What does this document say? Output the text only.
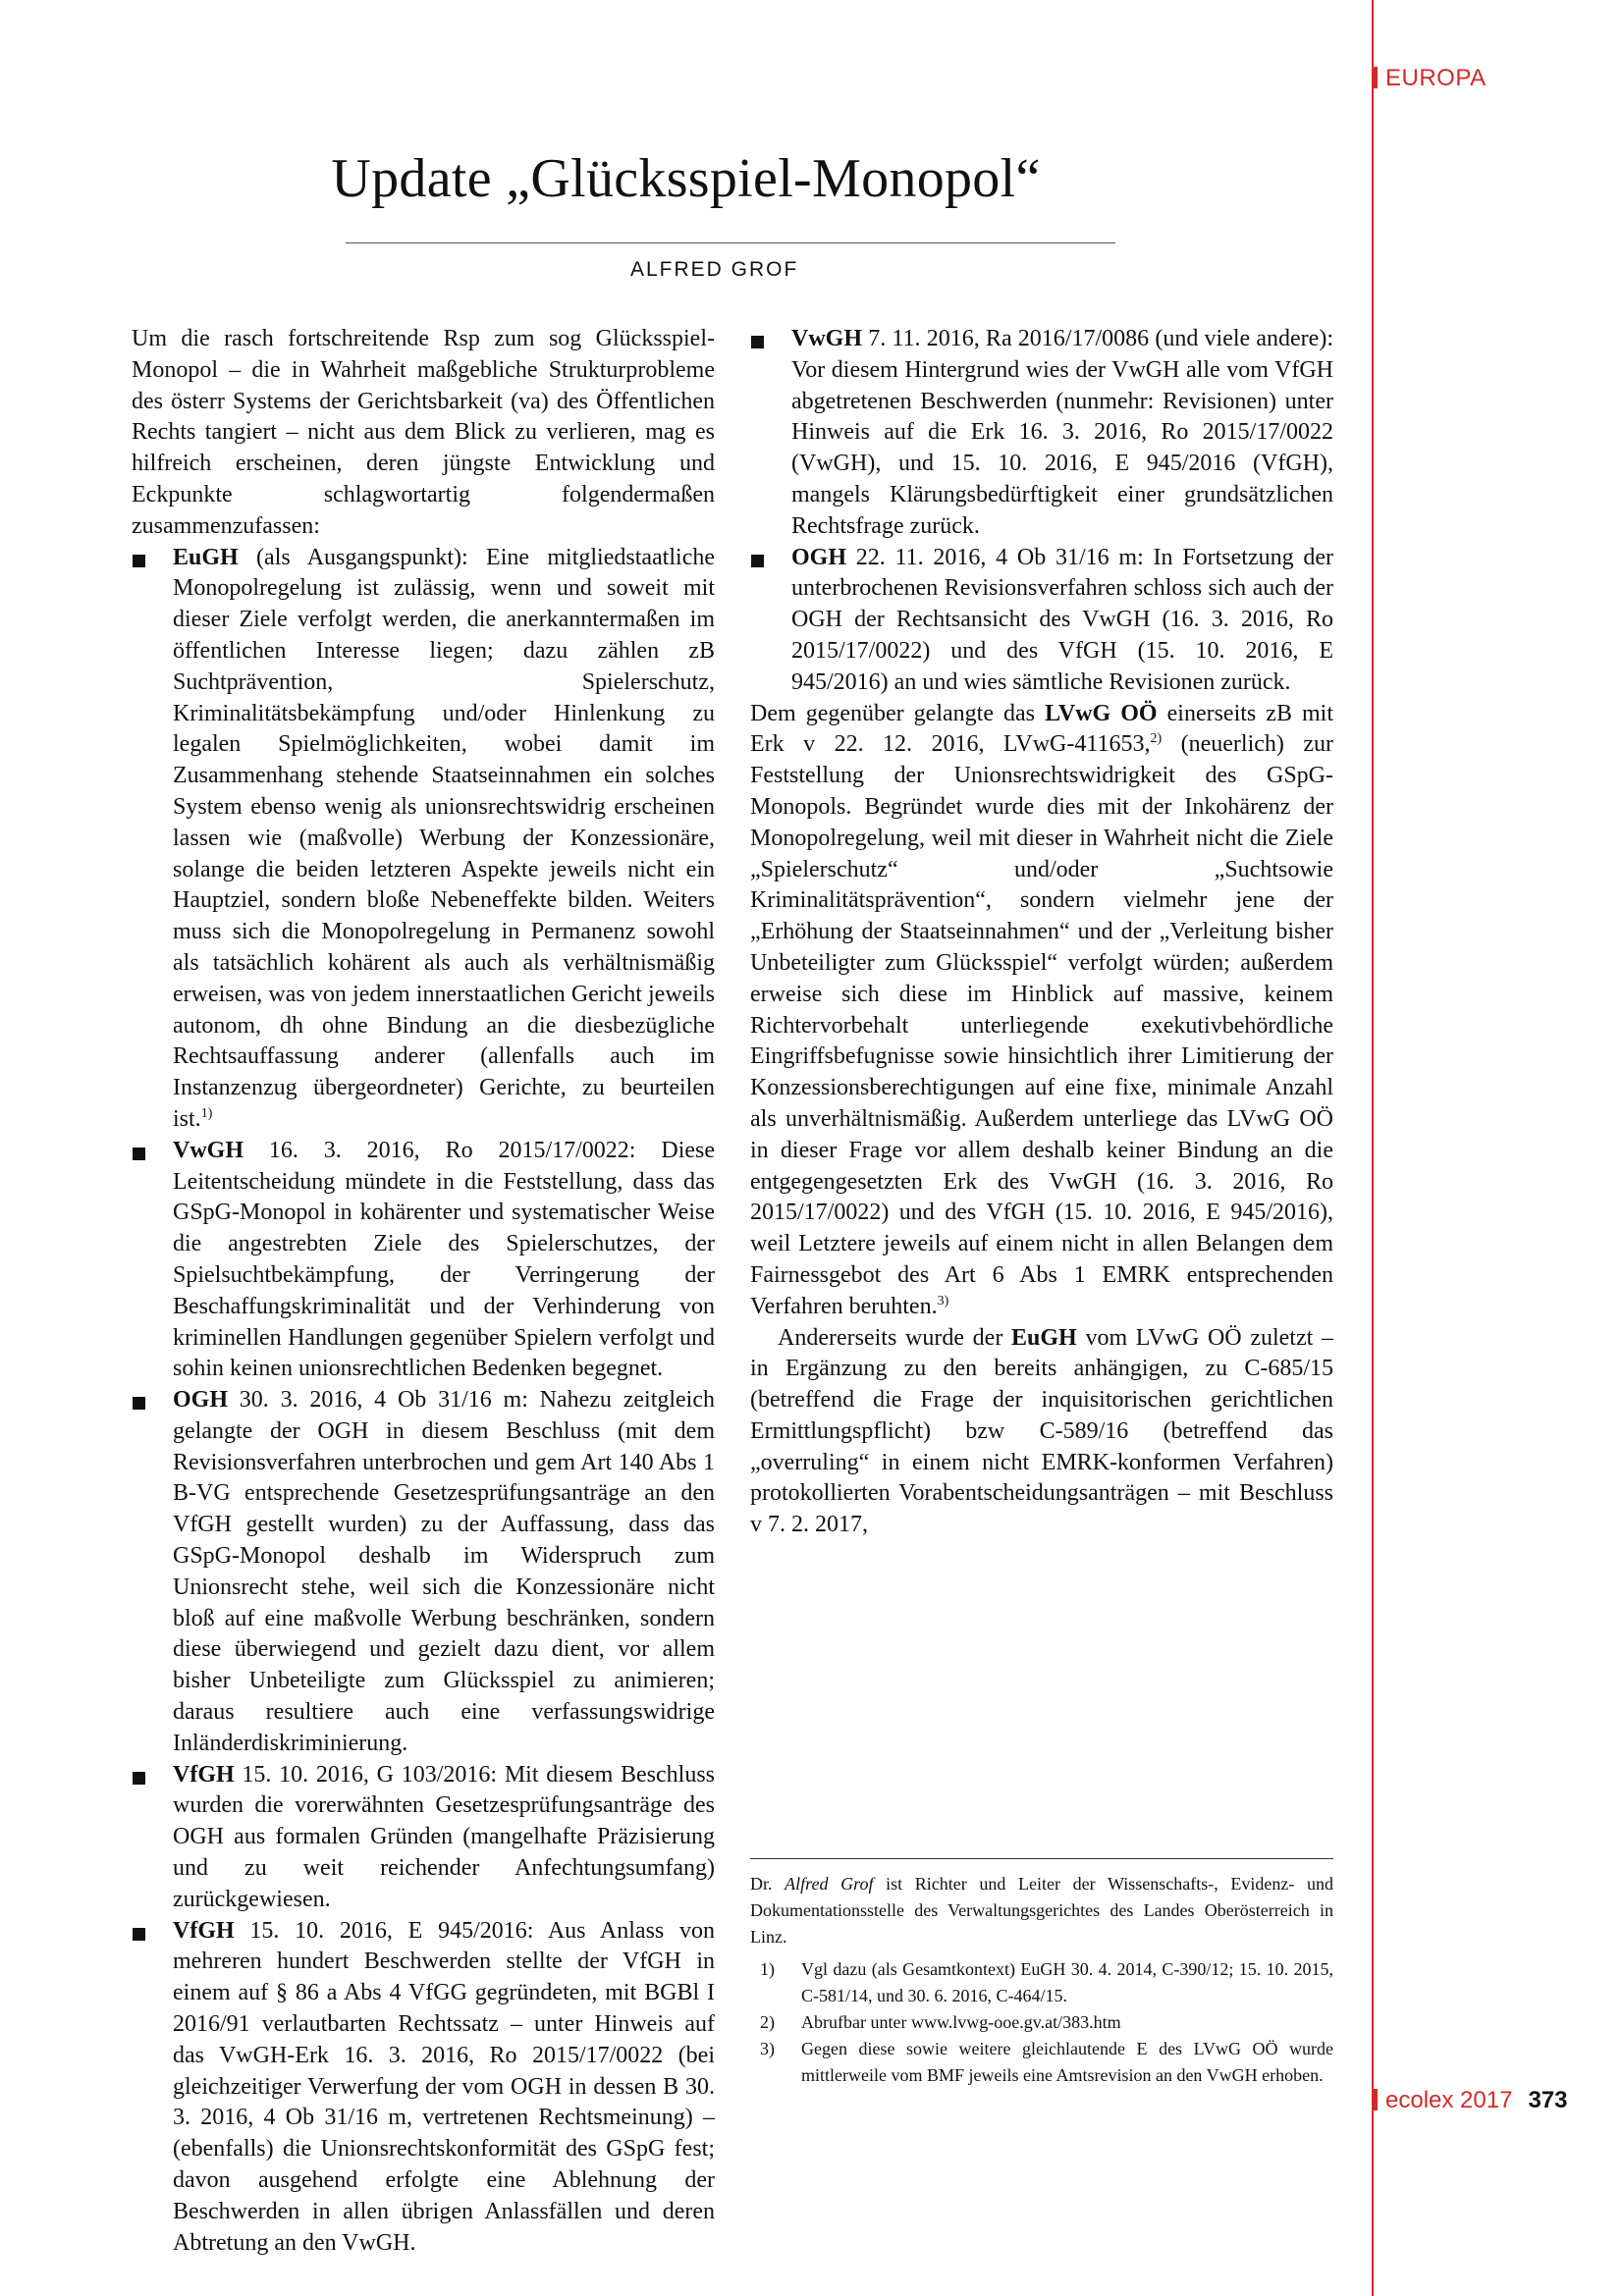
EUROPA
Update „Glücksspiel-Monopol“
ALFRED GROF

Um die rasch fortschreitende Rsp zum sog Glücksspiel-Monopol – die in Wahrheit maßgebliche Strukturprobleme des österr Systems der Gerichtsbarkeit (va) des Öffentlichen Rechts tangiert – nicht aus dem Blick zu verlieren, mag es hilfreich erscheinen, deren jüngste Entwicklung und Eckpunkte schlagwortartig folgendermaßen zusammenzufassen:

EuGH (als Ausgangspunkt): Eine mitgliedstaatliche Monopolregelung ist zulässig, wenn und soweit mit dieser Ziele verfolgt werden, die anerkanntermaßen im öffentlichen Interesse liegen; dazu zählen zB Suchtprävention, Spielerschutz, Kriminalitätsbekämpfung und/oder Hinlenkung zu legalen Spielmöglichkeiten, wobei damit im Zusammenhang stehende Staatseinnahmen ein solches System ebenso wenig als unionsrechtswidrig erscheinen lassen wie (maßvolle) Werbung der Konzessionäre, solange die beiden letzteren Aspekte jeweils nicht ein Hauptziel, sondern bloße Nebeneffekte bilden. Weiters muss sich die Monopolregelung in Permanenz sowohl als tatsächlich kohärent als auch als verhältnismäßig erweisen, was von jedem innerstaatlichen Gericht jeweils autonom, dh ohne Bindung an die diesbezügliche Rechtsauffassung anderer (allenfalls auch im Instanzenzug übergeordneter) Gerichte, zu beurteilen ist.$^{1)}$
VwGH 16. 3. 2016, Ro 2015/17/0022: Diese Leitentscheidung mündete in die Feststellung, dass das GSpG-Monopol in kohärenter und systematischer Weise die angestrebten Ziele des Spielerschutzes, der Spielsuchtbekämpfung, der Verringerung der Beschaffungskriminalität und der Verhinderung von kriminellen Handlungen gegenüber Spielern verfolgt und sohin keinen unionsrechtlichen Bedenken begegnet.
OGH 30. 3. 2016, 4 Ob 31/16 m: Nahezu zeitgleich gelangte der OGH in diesem Beschluss (mit dem Revisionsverfahren unterbrochen und gem Art 140 Abs 1 B-VG entsprechende Gesetzesprüfungsanträge an den VfGH gestellt wurden) zu der Auffassung, dass das GSpG-Monopol deshalb im Widerspruch zum Unionsrecht stehe, weil sich die Konzessionäre nicht bloß auf eine maßvolle Werbung beschränken, sondern diese überwiegend und gezielt dazu dient, vor allem bisher Unbeteiligte zum Glücksspiel zu animieren; daraus resultiere auch eine verfassungswidrige Inländerdiskriminierung.
VfGH 15. 10. 2016, G 103/2016: Mit diesem Beschluss wurden die vorerwähnten Gesetzesprüfungsanträge des OGH aus formalen Gründen (mangelhafte Präzisierung und zu weit reichender Anfechtungsumfang) zurückgewiesen.
VfGH 15. 10. 2016, E 945/2016: Aus Anlass von mehreren hundert Beschwerden stellte der VfGH in einem auf § 86 a Abs 4 VfGG gegründeten, mit BGBl I 2016/91 verlautbarten Rechtssatz – unter Hinweis auf das VwGH-Erk 16. 3. 2016, Ro 2015/17/0022 (bei gleichzeitiger Verwerfung der vom OGH in dessen B 30. 3. 2016, 4 Ob 31/16 m, vertretenen Rechtsmeinung) – (ebenfalls) die Unionsrechtskonformität des GSpG fest; davon ausgehend erfolgte eine Ablehnung der Beschwerden in allen übrigen Anlassfällen und deren Abtretung an den VwGH.
VwGH 7. 11. 2016, Ra 2016/17/0086 (und viele andere): Vor diesem Hintergrund wies der VwGH alle vom VfGH abgetretenen Beschwerden (nunmehr: Revisionen) unter Hinweis auf die Erk 16. 3. 2016, Ro 2015/17/0022 (VwGH), und 15. 10. 2016, E 945/2016 (VfGH), mangels Klärungsbedürftigkeit einer grundsätzlichen Rechtsfrage zurück.
OGH 22. 11. 2016, 4 Ob 31/16 m: In Fortsetzung der unterbrochenen Revisionsverfahren schloss sich auch der OGH der Rechtsansicht des VwGH (16. 3. 2016, Ro 2015/17/0022) und des VfGH (15. 10. 2016, E 945/2016) an und wies sämtliche Revisionen zurück.

Dem gegenüber gelangte das LVwG OÖ einerseits zB mit Erk v 22. 12. 2016, LVwG-411653,$^{2)}$ (neuerlich) zur Feststellung der Unionsrechtswidrigkeit des GSpG-Monopols. Begründet wurde dies mit der Inkohärenz der Monopolregelung, weil mit dieser in Wahrheit nicht die Ziele „Spielerschutz“ und/oder „Suchtsowie Kriminalitätsprävention“, sondern vielmehr jene der „Erhöhung der Staatseinnahmen“ und der „Verleitung bisher Unbeteiligter zum Glücksspiel“ verfolgt würden; außerdem erweise sich diese im Hinblick auf massive, keinem Richtervorbehalt unterliegende exekutivbehördliche Eingriffsbefugnisse sowie hinsichtlich ihrer Limitierung der Konzessionsberechtigungen auf eine fixe, minimale Anzahl als unverhältnismäßig. Außerdem unterliege das LVwG OÖ in dieser Frage vor allem deshalb keiner Bindung an die entgegengesetzten Erk des VwGH (16. 3. 2016, Ro 2015/17/0022) und des VfGH (15. 10. 2016, E 945/2016), weil Letztere jeweils auf einem nicht in allen Belangen dem Fairnessgebot des Art 6 Abs 1 EMRK entsprechenden Verfahren beruhten.$^{3)}$

Andererseits wurde der EuGH vom LVwG OÖ zuletzt – in Ergänzung zu den bereits anhängigen, zu C-685/15 (betreffend die Frage der inquisitorischen gerichtlichen Ermittlungspflicht) bzw C-589/16 (betreffend das „overruling“ in einem nicht EMRK-konformen Verfahren) protokollierten Vorabentscheidungsanträgen – mit Beschluss v 7. 2. 2017,

Dr. Alfred Grof ist Richter und Leiter der Wissenschafts-, Evidenz- und Dokumentationsstelle des Verwaltungsgerichtes des Landes Oberösterreich in Linz.

1) Vgl dazu (als Gesamtkontext) EuGH 30. 4. 2014, C-390/12; 15. 10. 2015, C-581/14, und 30. 6. 2016, C-464/15.
2) Abrufbar unter www.lvwg-ooe.gv.at/383.htm
3) Gegen diese sowie weitere gleichlautende E des LVwG OÖ wurde mittlerweile vom BMF jeweils eine Amtsrevision an den VwGH erhoben.
ecolex 2017 373
